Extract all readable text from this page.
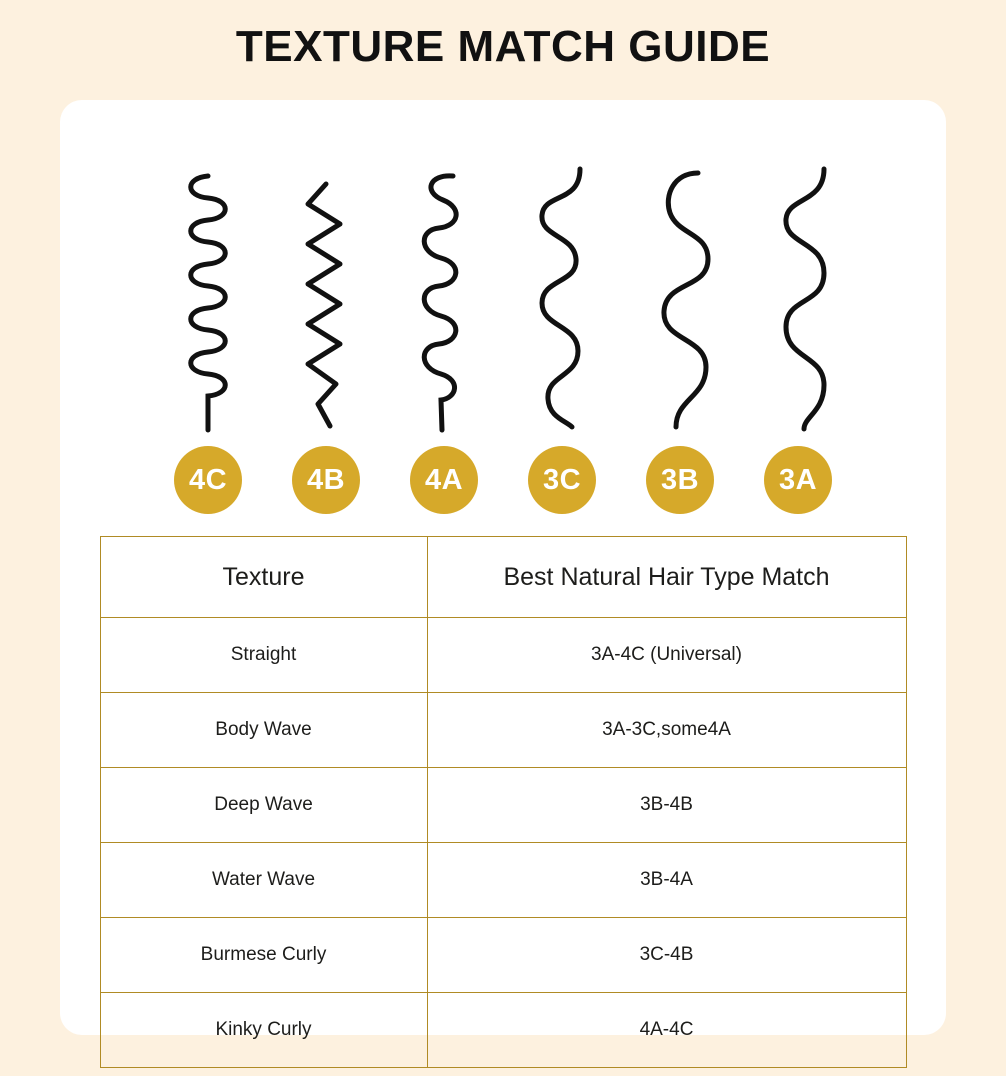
TEXTURE MATCH GUIDE
4C	4B	4A	3C	3B	3A
Texture	Best Natural Hair Type Match
Straight	3A-4C (Universal)
Body Wave	3A-3C,some4A
Deep Wave	3B-4B
Water Wave	3B-4A
Burmese Curly	3C-4B
Kinky Curly	4A-4C
